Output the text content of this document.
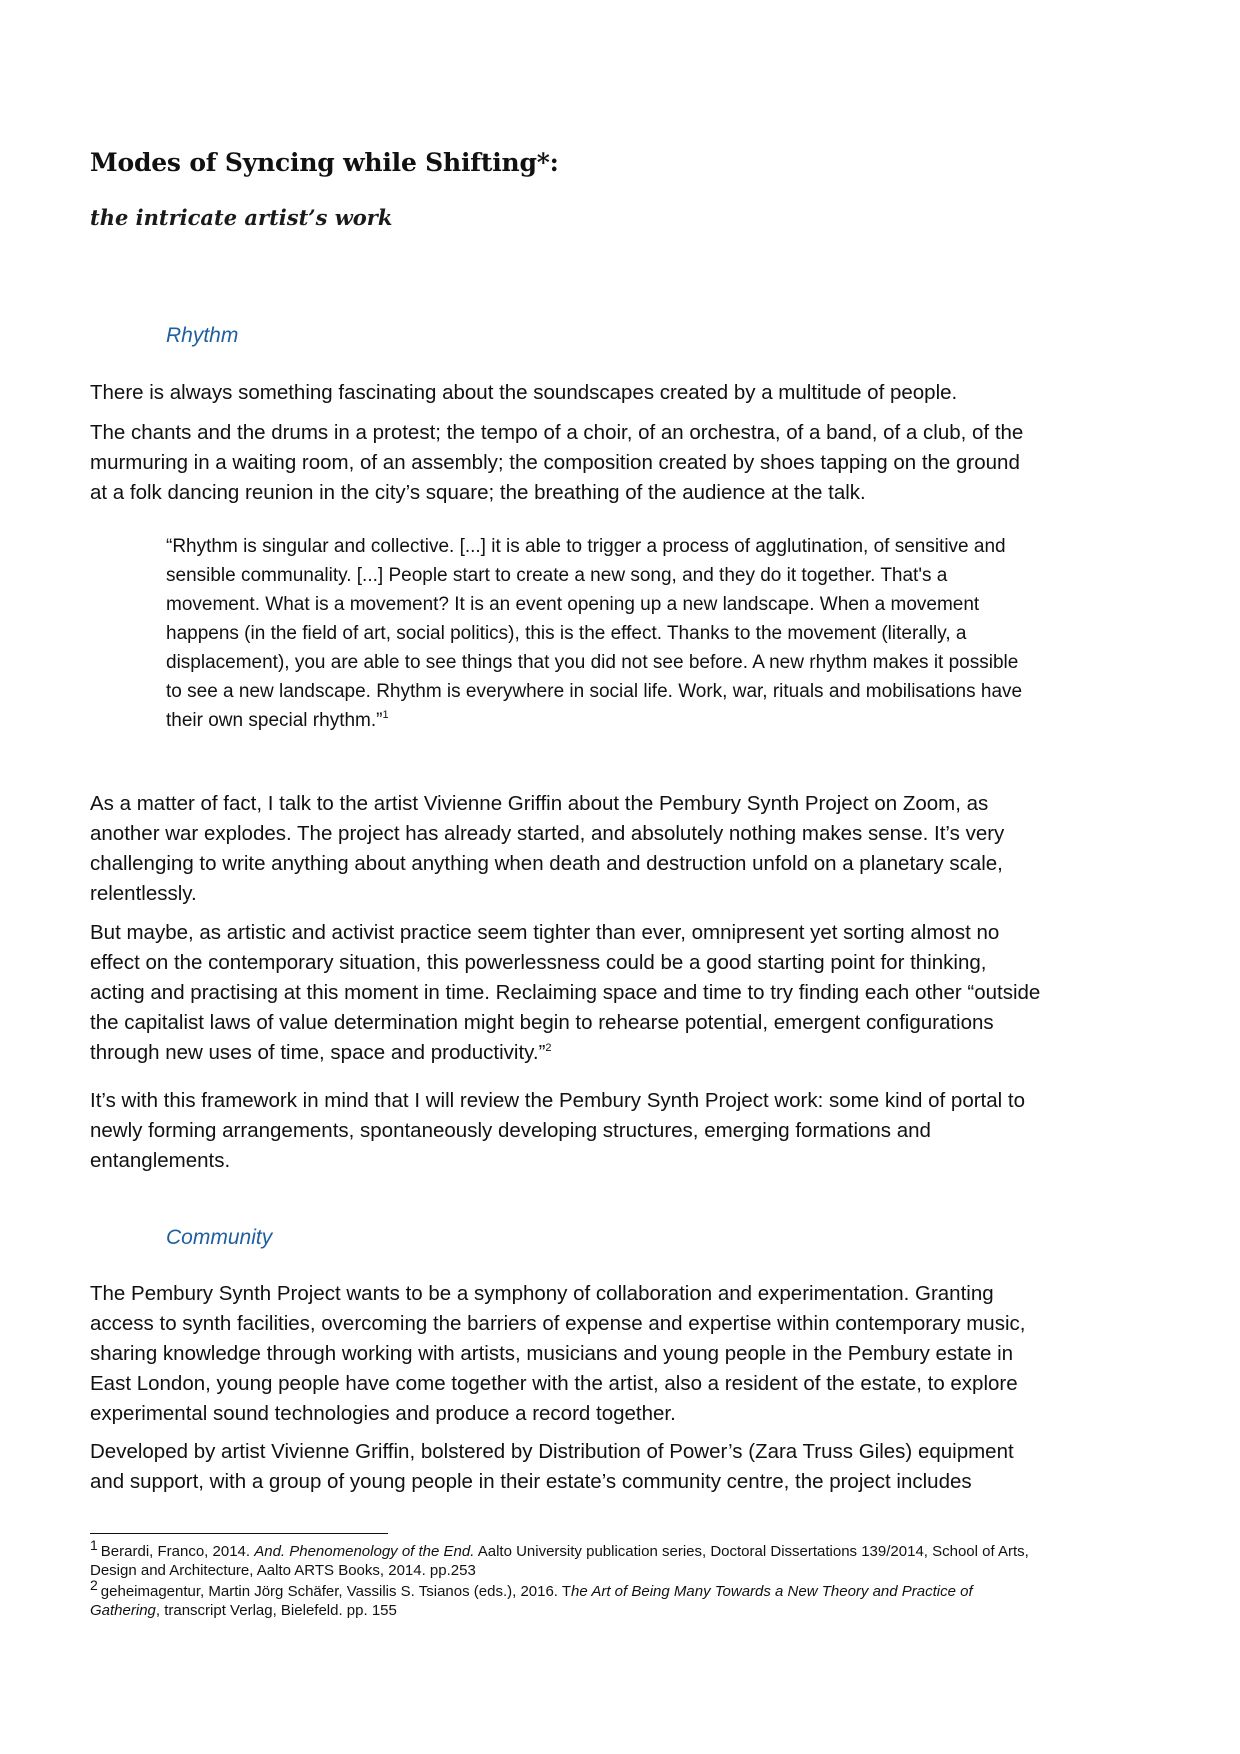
Modes of Syncing while Shifting*:
the intricate artist’s work
Rhythm

There is always something fascinating about the soundscapes created by a multitude of people.

The chants and the drums in a protest; the tempo of a choir, of an orchestra, of a band, of a club, of the
murmuring in a waiting room, of an assembly; the composition created by shoes tapping on the ground
at a folk dancing reunion in the city’s square; the breathing of the audience at the talk.

“Rhythm is singular and collective. [...] it is able to trigger a process of agglutination, of sensitive and
sensible communality. [...] People start to create a new song, and they do it together. That's a
movement. What is a movement? It is an event opening up a new landscape. When a movement
happens (in the field of art, social politics), this is the effect. Thanks to the movement (literally, a
displacement), you are able to see things that you did not see before. A new rhythm makes it possible
to see a new landscape. Rhythm is everywhere in social life. Work, war, rituals and mobilisations have
their own special rhythm.”$^1$

As a matter of fact, I talk to the artist Vivienne Griffin about the Pembury Synth Project on Zoom, as
another war explodes. The project has already started, and absolutely nothing makes sense. It’s very
challenging to write anything about anything when death and destruction unfold on a planetary scale,
relentlessly.

But maybe, as artistic and activist practice seem tighter than ever, omnipresent yet sorting almost no
effect on the contemporary situation, this powerlessness could be a good starting point for thinking,
acting and practising at this moment in time. Reclaiming space and time to try finding each other “outside
the capitalist laws of value determination might begin to rehearse potential, emergent configurations
through new uses of time, space and productivity.”$^2$

It’s with this framework in mind that I will review the Pembury Synth Project work: some kind of portal to
newly forming arrangements, spontaneously developing structures, emerging formations and
entanglements.

Community

The Pembury Synth Project wants to be a symphony of collaboration and experimentation. Granting
access to synth facilities, overcoming the barriers of expense and expertise within contemporary music,
sharing knowledge through working with artists, musicians and young people in the Pembury estate in
East London, young people have come together with the artist, also a resident of the estate, to explore
experimental sound technologies and produce a record together.

Developed by artist Vivienne Griffin, bolstered by Distribution of Power’s (Zara Truss Giles) equipment
and support, with a group of young people in their estate’s community centre, the project includes

1 Berardi, Franco, 2014. And. Phenomenology of the End. Aalto University publication series, Doctoral Dissertations 139/2014, School of Arts,
Design and Architecture, Aalto ARTS Books, 2014. pp.253
2 geheimagentur, Martin Jörg Schäfer, Vassilis S. Tsianos (eds.), 2016. The Art of Being Many Towards a New Theory and Practice of
Gathering, transcript Verlag, Bielefeld. pp. 155
